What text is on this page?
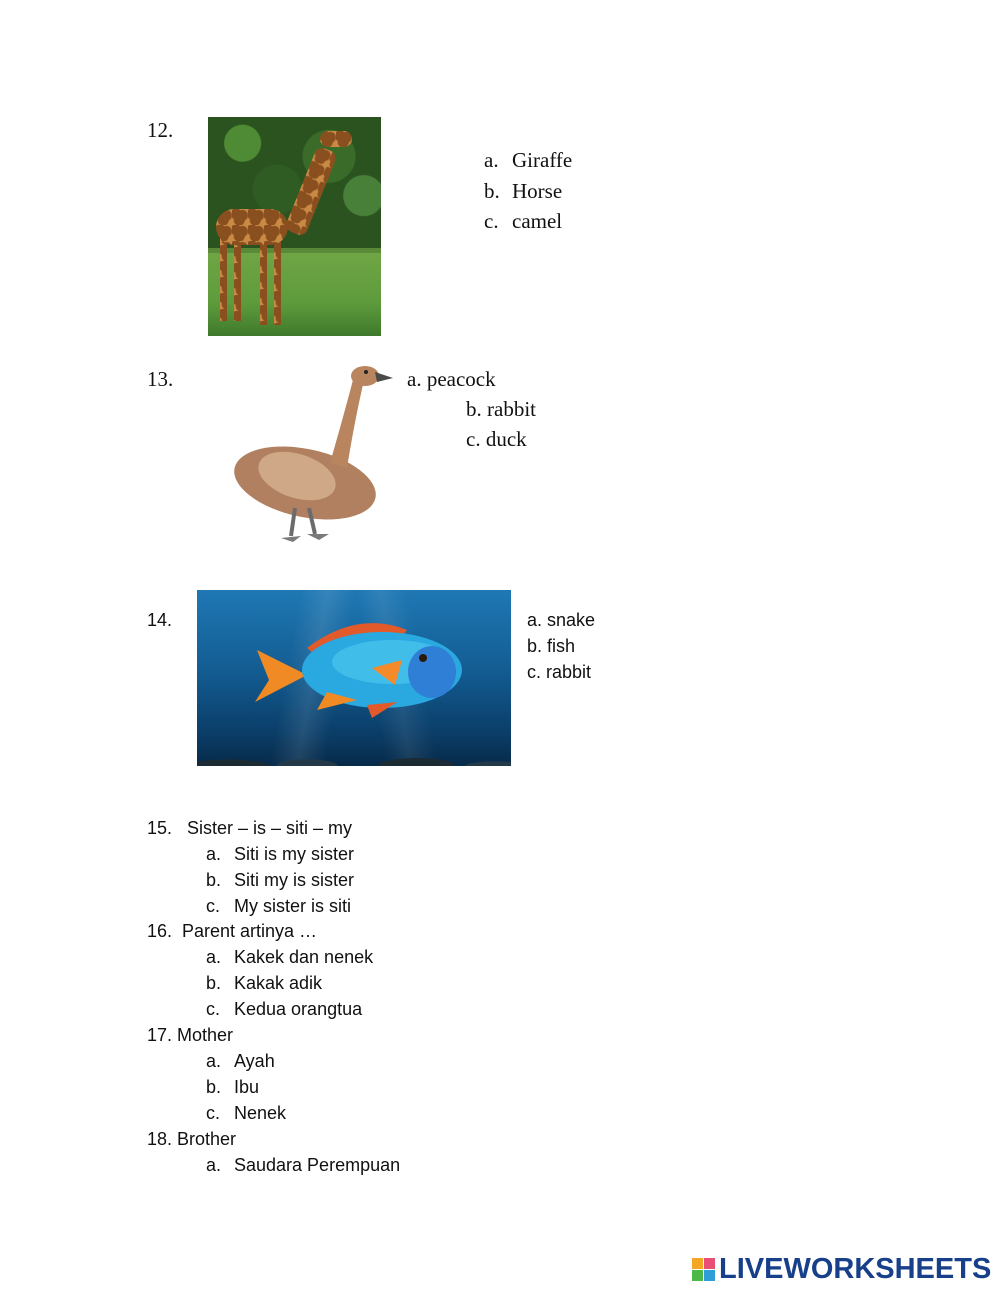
12.
a. Giraffe
b. Horse
c. camel
13.	a. peacock
b. rabbit
c. duck
14.	a. snake
b. fish
c. rabbit
15. Sister – is – siti – my
a. Siti is my sister
b. Siti my is sister
c. My sister is siti
16. Parent artinya …
a. Kakek dan nenek
b. Kakak adik
c. Kedua orangtua
17. Mother
a. Ayah
b. Ibu
c. Nenek
18. Brother
a. Saudara Perempuan
LIVEWORKSHEETS
